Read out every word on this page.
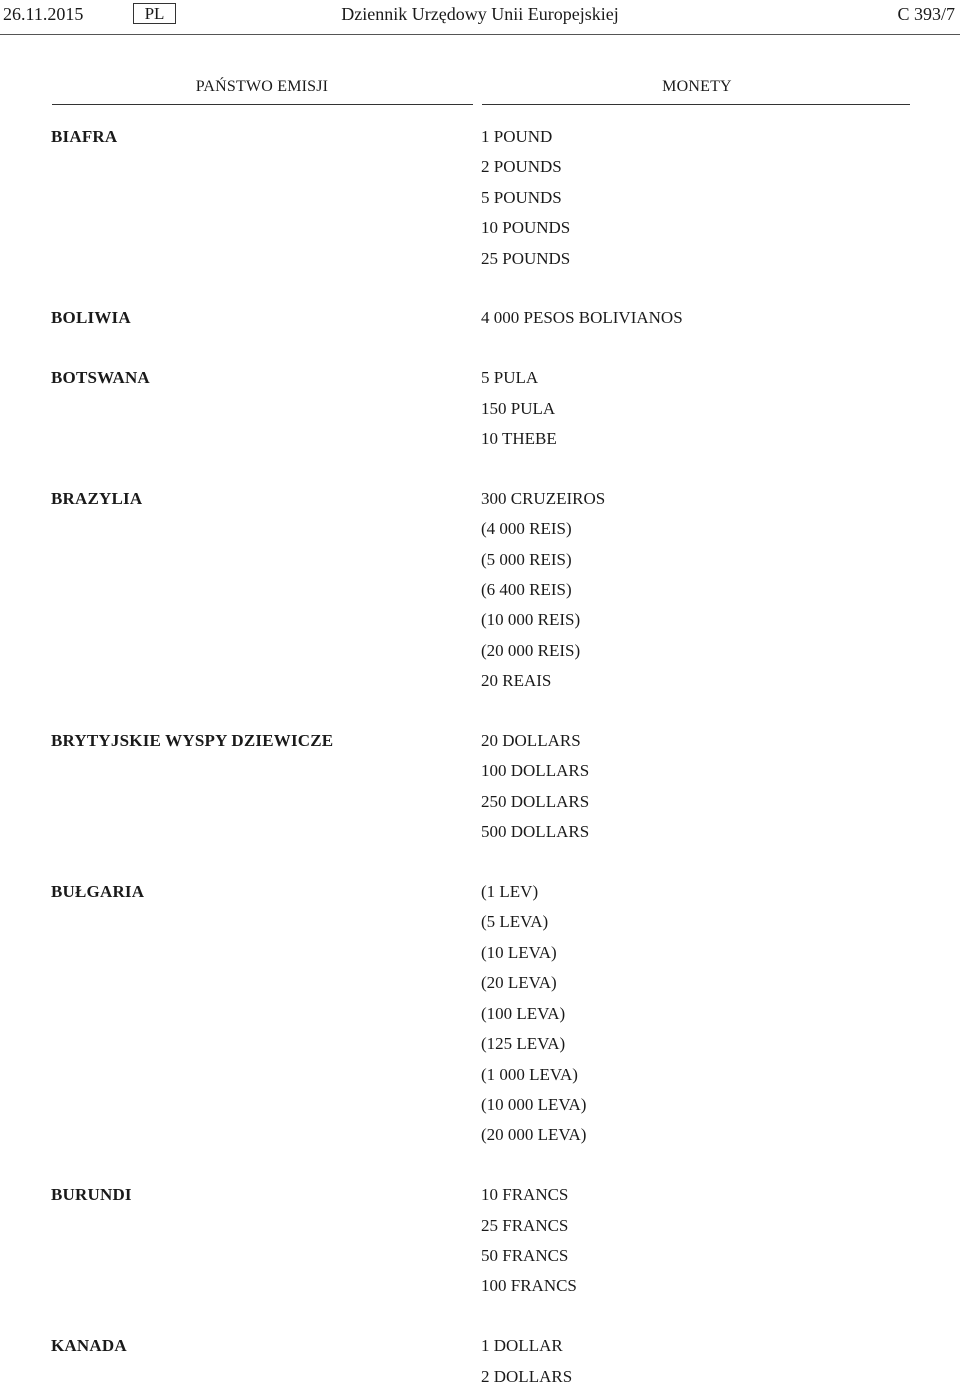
26.11.2015	PL	Dziennik Urzędowy Unii Europejskiej	C 393/7
PAŃSTWO EMISJI	MONETY
BIAFRA	1 POUND
2 POUNDS
5 POUNDS
10 POUNDS
25 POUNDS
BOLIWIA	4 000 PESOS BOLIVIANOS
BOTSWANA	5 PULA
150 PULA
10 THEBE
BRAZYLIA	300 CRUZEIROS
(4 000 REIS)
(5 000 REIS)
(6 400 REIS)
(10 000 REIS)
(20 000 REIS)
20 REAIS
BRYTYJSKIE WYSPY DZIEWICZE	20 DOLLARS
100 DOLLARS
250 DOLLARS
500 DOLLARS
BUŁGARIA	(1 LEV)
(5 LEVA)
(10 LEVA)
(20 LEVA)
(100 LEVA)
(125 LEVA)
(1 000 LEVA)
(10 000 LEVA)
(20 000 LEVA)
BURUNDI	10 FRANCS
25 FRANCS
50 FRANCS
100 FRANCS
KANADA	1 DOLLAR
2 DOLLARS
